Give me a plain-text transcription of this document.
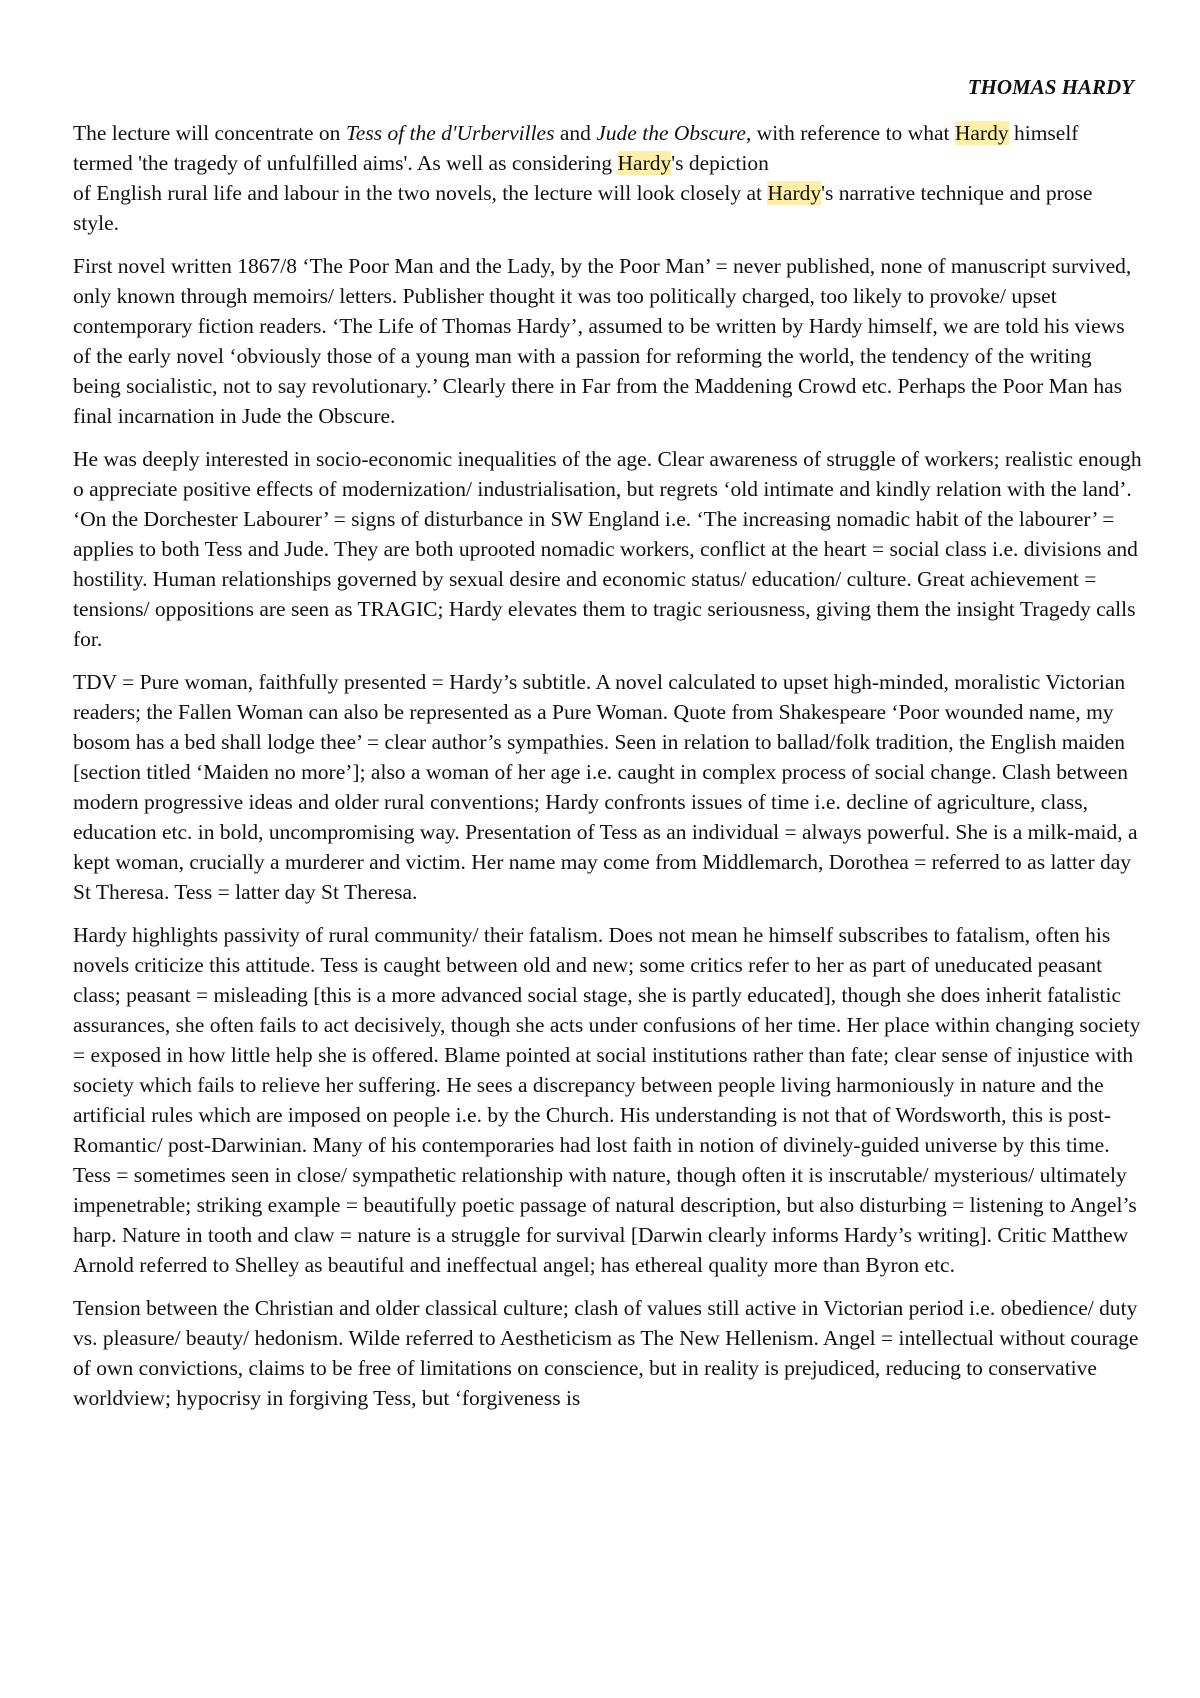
THOMAS HARDY

The lecture will concentrate on Tess of the d'Urbervilles and Jude the Obscure, with reference to what Hardy himself termed 'the tragedy of unfulfilled aims'. As well as considering Hardy's depiction
of English rural life and labour in the two novels, the lecture will look closely at Hardy's narrative technique and prose style.

First novel written 1867/8 ‘The Poor Man and the Lady, by the Poor Man’ = never published, none of manuscript survived, only known through memoirs/ letters. Publisher thought it was too politically charged, too likely to provoke/ upset contemporary fiction readers. ‘The Life of Thomas Hardy’, assumed to be written by Hardy himself, we are told his views of the early novel ‘obviously those of a young man with a passion for reforming the world, the tendency of the writing being socialistic, not to say revolutionary.’ Clearly there in Far from the Maddening Crowd etc. Perhaps the Poor Man has final incarnation in Jude the Obscure.

He was deeply interested in socio-economic inequalities of the age. Clear awareness of struggle of workers; realistic enough o appreciate positive effects of modernization/ industrialisation, but regrets ‘old intimate and kindly relation with the land’. ‘On the Dorchester Labourer’ = signs of disturbance in SW England i.e. ‘The increasing nomadic habit of the labourer’ = applies to both Tess and Jude. They are both uprooted nomadic workers, conflict at the heart = social class i.e. divisions and hostility. Human relationships governed by sexual desire and economic status/ education/ culture. Great achievement = tensions/ oppositions are seen as TRAGIC; Hardy elevates them to tragic seriousness, giving them the insight Tragedy calls for.

TDV = Pure woman, faithfully presented = Hardy’s subtitle. A novel calculated to upset high-minded, moralistic Victorian readers; the Fallen Woman can also be represented as a Pure Woman. Quote from Shakespeare ‘Poor wounded name, my bosom has a bed shall lodge thee’ = clear author’s sympathies. Seen in relation to ballad/folk tradition, the English maiden [section titled ‘Maiden no more’]; also a woman of her age i.e. caught in complex process of social change. Clash between modern progressive ideas and older rural conventions; Hardy confronts issues of time i.e. decline of agriculture, class, education etc. in bold, uncompromising way. Presentation of Tess as an individual = always powerful. She is a milk-maid, a kept woman, crucially a murderer and victim. Her name may come from Middlemarch, Dorothea = referred to as latter day St Theresa. Tess = latter day St Theresa.

Hardy highlights passivity of rural community/ their fatalism. Does not mean he himself subscribes to fatalism, often his novels criticize this attitude. Tess is caught between old and new; some critics refer to her as part of uneducated peasant class; peasant = misleading [this is a more advanced social stage, she is partly educated], though she does inherit fatalistic assurances, she often fails to act decisively, though she acts under confusions of her time. Her place within changing society = exposed in how little help she is offered. Blame pointed at social institutions rather than fate; clear sense of injustice with society which fails to relieve her suffering. He sees a discrepancy between people living harmoniously in nature and the artificial rules which are imposed on people i.e. by the Church. His understanding is not that of Wordsworth, this is post-Romantic/ post-Darwinian. Many of his contemporaries had lost faith in notion of divinely-guided universe by this time. Tess = sometimes seen in close/ sympathetic relationship with nature, though often it is inscrutable/ mysterious/ ultimately impenetrable; striking example = beautifully poetic passage of natural description, but also disturbing = listening to Angel’s harp. Nature in tooth and claw = nature is a struggle for survival [Darwin clearly informs Hardy’s writing]. Critic Matthew Arnold referred to Shelley as beautiful and ineffectual angel; has ethereal quality more than Byron etc.

Tension between the Christian and older classical culture; clash of values still active in Victorian period i.e. obedience/ duty vs. pleasure/ beauty/ hedonism. Wilde referred to Aestheticism as The New Hellenism. Angel = intellectual without courage of own convictions, claims to be free of limitations on conscience, but in reality is prejudiced, reducing to conservative worldview; hypocrisy in forgiving Tess, but ‘forgiveness is
